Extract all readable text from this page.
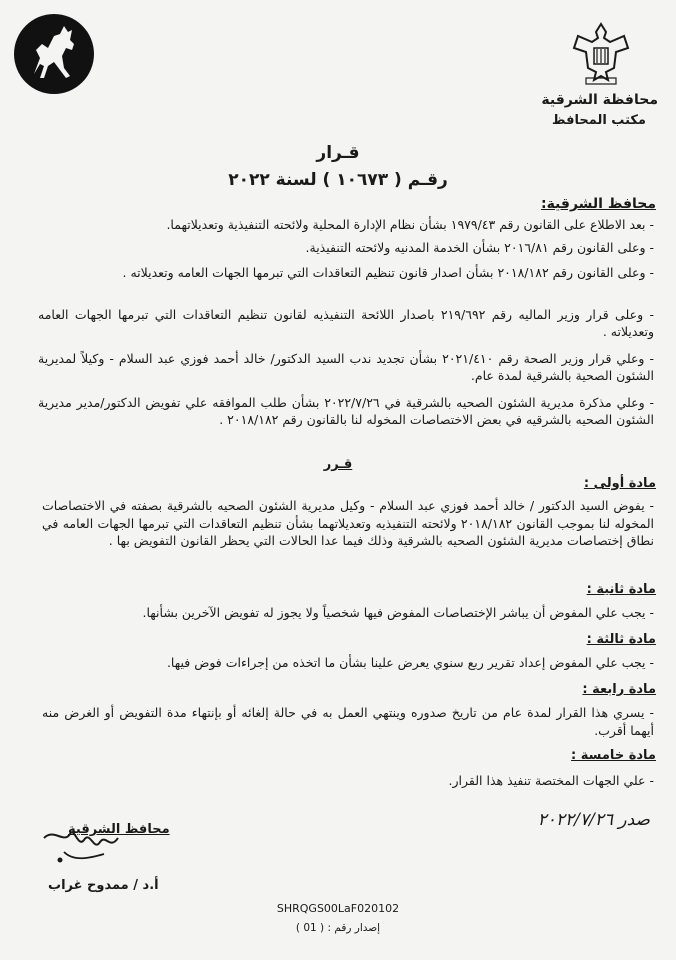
محافظة الشرقية
مكتب المحافظ
قـرار
رقـم ( ١٠٦٧٣ ) لسنة ٢٠٢٢
محافظ الشرقية:
- بعد الاطلاع على القانون رقم ١٩٧٩/٤٣ بشأن نظام الإدارة المحلية ولائحته التنفيذية وتعديلاتهما.
- وعلى القانون رقم ٢٠١٦/٨١ بشأن الخدمة المدنيه ولائحته التنفيذية.
- وعلى القانون رقم ٢٠١٨/١٨٢ بشأن اصدار قانون تنظيم التعاقدات التي تبرمها الجهات العامه وتعديلاته .
- وعلى قرار وزير الماليه رقم ٢١٩/٦٩٢ باصدار اللائحة التنفيذيه لقانون تنظيم التعاقدات التي تبرمها الجهات العامه وتعديلاته .
- وعلي قرار وزير الصحة رقم ٢٠٢١/٤١٠ بشأن تجديد ندب السيد الدكتور/ خالد أحمد فوزي عبد السلام - وكيلاً لمديرية الشئون الصحية بالشرقية لمدة عام.
- وعلي مذكرة مديرية الشئون الصحيه بالشرقية في ٢٠٢٢/٧/٢٦ بشأن طلب الموافقه علي تفويض الدكتور/مدير مديرية الشئون الصحيه بالشرقيه في بعض الاختصاصات المخوله لنا بالقانون رقم ٢٠١٨/١٨٢ .
قـرر
مادة أولى :
- يفوض السيد الدكتور / خالد أحمد فوزي عبد السلام - وكيل مديرية الشئون الصحيه بالشرقية بصفته في الاختصاصات المخوله لنا بموجب القانون ٢٠١٨/١٨٢ ولائحته التنفيذيه وتعديلاتهما بشأن تنظيم التعاقدات التي تبرمها الجهات العامه في نطاق إختصاصات مديرية الشئون الصحيه بالشرقية وذلك فيما عدا الحالات التي يحظر القانون التفويض بها .
مادة ثانية :
- يجب علي المفوض أن يباشر الإختصاصات المفوض فيها شخصياً ولا يجوز له تفويض الآخرين بشأنها.
مادة ثالثة :
- يجب علي المفوض إعداد تقرير ربع سنوي يعرض علينا بشأن ما اتخذه من إجراءات فوض فيها.
مادة رابعة :
- يسري هذا القرار لمدة عام من تاريخ صدوره وينتهي العمل به في حالة إلغائه أو بإنتهاء مدة التفويض أو الغرض منه أيهما أقرب.
مادة خامسة :
- علي الجهات المختصة تنفيذ هذا القرار.
صدر ٢٠٢٢/٧/٢٦
محافظ الشرقية
أ.د / ممدوح غراب
SHRQGS00LaF020102
إصدار رقم : ( 01 )
